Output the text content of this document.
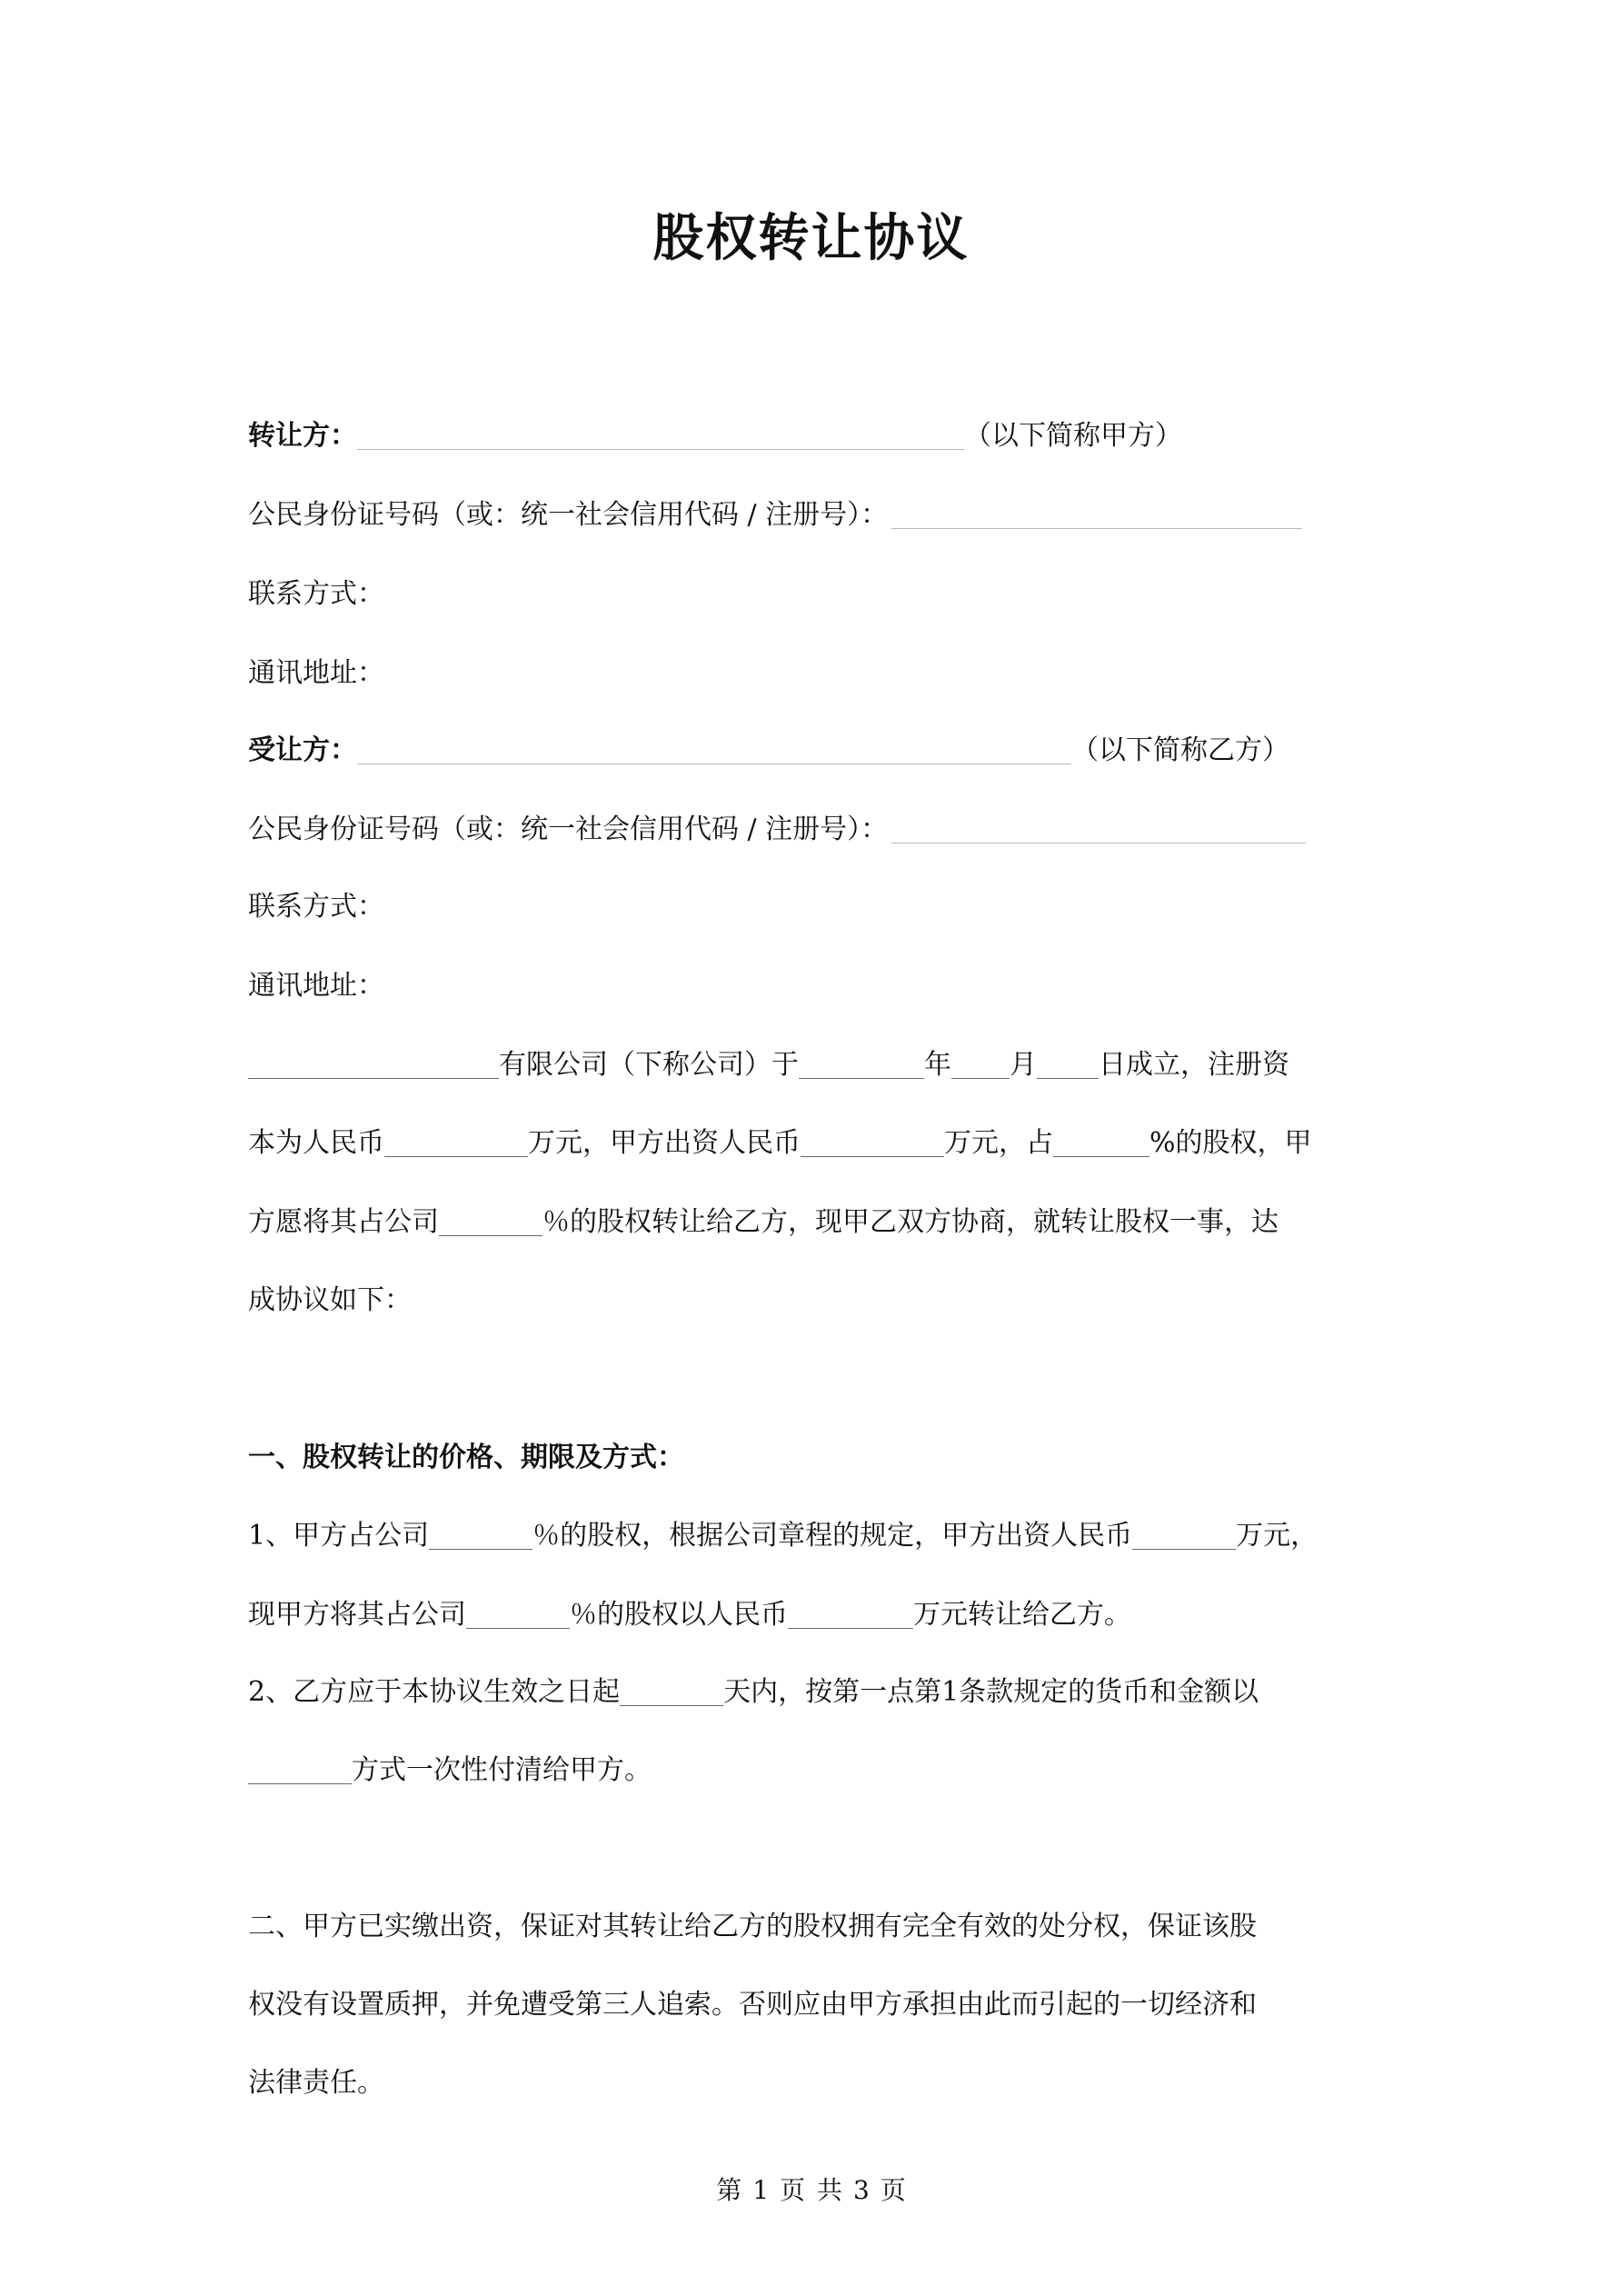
股权转让协议
转让方：	（以下简称甲方）
公民身份证号码（或：统一社会信用代码 / 注册号）：
联系方式：
通讯地址：
受让方：	（以下简称乙方）
公民身份证号码（或：统一社会信用代码 / 注册号）：
联系方式：
通讯地址：
有限公司（下称公司）于	年 月 日成立，注册资
本为人民币	万元，甲方出资人民币	万元，占	%的股权，甲
方愿将其占公司	％的股权转让给乙方，现甲乙双方协商，就转让股权一事，达
成协议如下：
一、股权转让的价格、期限及方式：
1、甲方占公司	％的股权，根据公司章程的规定，甲方出资人民币	万元，
现甲方将其占公司	％的股权以人民币	万元转让给乙方。
2、乙方应于本协议生效之日起	天内，按第一点第1条款规定的货币和金额以
方式一次性付清给甲方。
二、甲方已实缴出资，保证对其转让给乙方的股权拥有完全有效的处分权，保证该股
权没有设置质押，并免遭受第三人追索。否则应由甲方承担由此而引起的一切经济和
法律责任。
第 1 页 共 3 页
